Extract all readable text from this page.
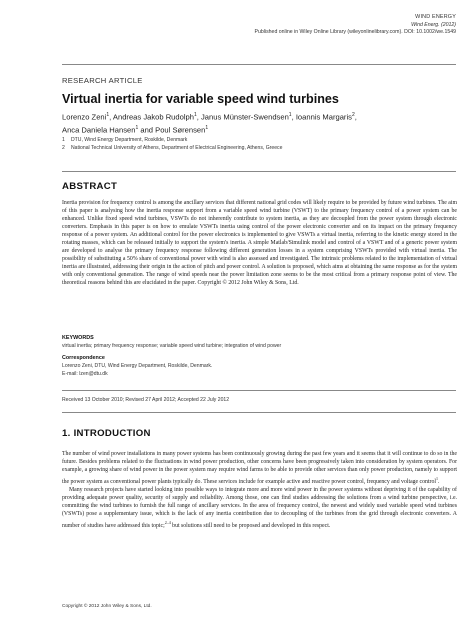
WIND ENERGY
Wind Energ. (2012)
Published online in Wiley Online Library (wileyonlinelibrary.com). DOI: 10.1002/we.1549
RESEARCH ARTICLE
Virtual inertia for variable speed wind turbines
Lorenzo Zeni$^1$, Andreas Jakob Rudolph$^1$, Janus Münster-Swendsen$^1$, Ioannis Margaris$^2$,
Anca Daniela Hansen$^1$ and Poul Sørensen$^1$
1	DTU, Wind Energy Department, Roskilde, Denmark
2	National Technical University of Athens, Department of Electrical Engineering, Athens, Greece
ABSTRACT
Inertia provision for frequency control is among the ancillary services that different national grid codes will likely require to be provided by future wind turbines. The aim of this paper is analysing how the inertia response support from a variable speed wind turbine (VSWT) to the primary frequency control of a power system can be enhanced. Unlike fixed speed wind turbines, VSWTs do not inherently contribute to system inertia, as they are decoupled from the power system through electronic converters. Emphasis in this paper is on how to emulate VSWTs inertia using control of the power electronic converter and on its impact on the primary frequency response of a power system. An additional control for the power electronics is implemented to give VSWTs a virtual inertia, referring to the kinetic energy stored in the rotating masses, which can be released initially to support the system's inertia. A simple Matlab/Simulink model and control of a VSWT and of a generic power system are developed to analyse the primary frequency response following different generation losses in a system comprising VSWTs provided with virtual inertia. The possibility of substituting a 50% share of conventional power with wind is also assessed and investigated. The intrinsic problems related to the implementation of virtual inertia are illustrated, addressing their origin in the action of pitch and power control. A solution is proposed, which aims at obtaining the same response as for the system with only conventional generation. The range of wind speeds near the power limitation zone seems to be the most critical from a primary response point of view. The theoretical reasons behind this are elucidated in the paper. Copyright © 2012 John Wiley & Sons, Ltd.
KEYWORDS
virtual inertia; primary frequency response; variable speed wind turbine; integration of wind power
Correspondence
Lorenzo Zeni, DTU, Wind Energy Department, Roskilde, Denmark.
E-mail: lzen@dtu.dk
Received 13 October 2010; Revised 27 April 2012; Accepted 22 July 2012
1. INTRODUCTION

The number of wind power installations in many power systems has been continuously growing during the past few years and it seems that it will continue to do so in the future. Besides problems related to the fluctuations in wind power production, other concerns have been progressively taken into consideration by system operators. For example, a growing share of wind power in the power system may require wind farms to be able to provide other services than only power production, namely to support the power system as conventional power plants typically do. These services include for example active and reactive power control, frequency and voltage control$^1$.

Many research projects have started looking into possible ways to integrate more and more wind power in the power systems without depriving it of the capability of providing adequate power quality, security of supply and reliability. Among those, one can find studies addressing the solutions from a wind turbine perspective, i.e. committing the wind turbines to furnish the full range of ancillary services. In the area of frequency control, the newest and widely used variable speed wind turbines (VSWTs) pose a supplementary issue, which is the lack of any inertia contribution due to decoupling of the turbines from the grid through electronic converters. A number of studies have addressed this topic;$^{2-4}$ but solutions still need to be proposed and developed in this respect.

Copyright © 2012 John Wiley & Sons, Ltd.
